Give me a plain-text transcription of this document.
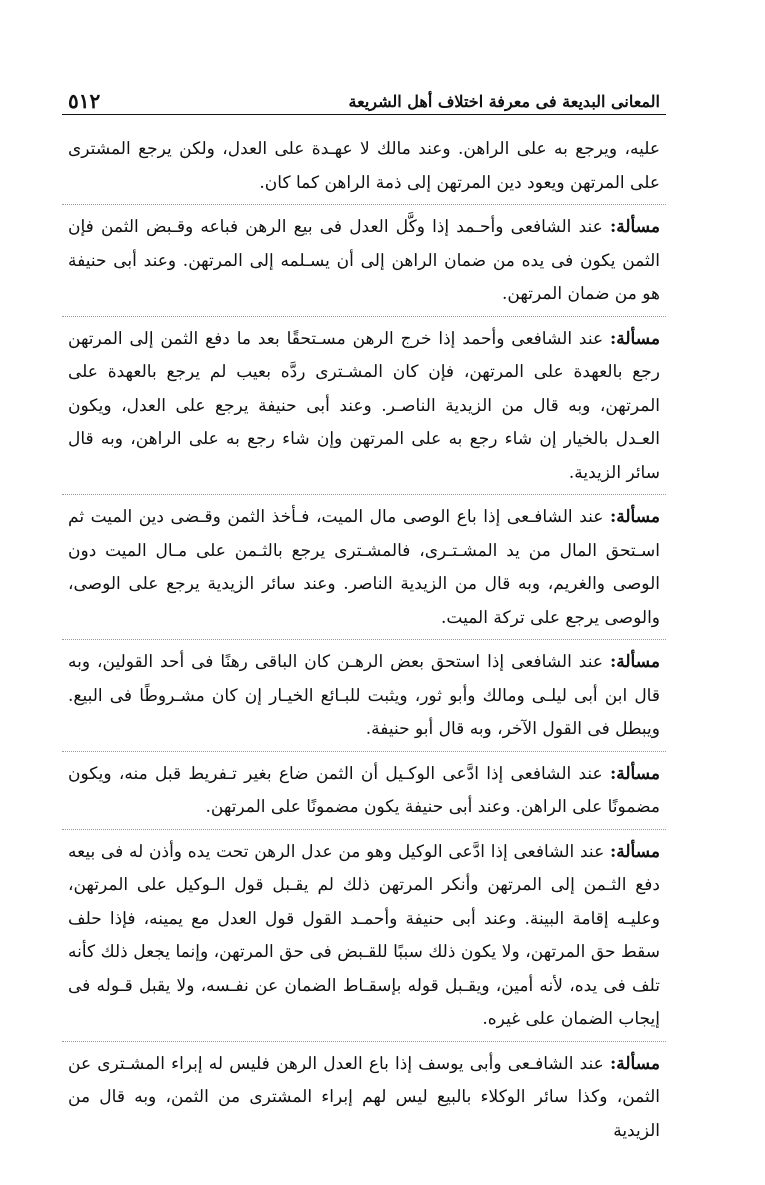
المعانى البديعة فى معرفة اختلاف أهل الشريعة
٥١٢

عليه، ويرجع به على الراهن. وعند مالك لا عهـدة على العدل، ولكن يرجع المشترى على المرتهن ويعود دين المرتهن إلى ذمة الراهن كما كان.

مسألة: عند الشافعى وأحـمد إذا وكَّل العدل فى بيع الرهن فباعه وقـبض الثمن فإن الثمن يكون فى يده من ضمان الراهن إلى أن يسـلمه إلى المرتهن. وعند أبى حنيفة هو من ضمان المرتهن.

مسألة: عند الشافعى وأحمد إذا خرج الرهن مسـتحقًا بعد ما دفع الثمن إلى المرتهن رجع بالعهدة على المرتهن، فإن كان المشـترى ردَّه بعيب لم يرجع بالعهدة على المرتهن، وبه قال من الزيدية الناصـر. وعند أبى حنيفة يرجع على العدل، ويكون العـدل بالخيار إن شاء رجع به على المرتهن وإن شاء رجع به على الراهن، وبه قال سائر الزيدية.

مسألة: عند الشافـعى إذا باع الوصى مال الميت، فـأخذ الثمن وقـضى دين الميت ثم اسـتحق المال من يد المشـتـرى، فالمشـترى يرجع بالثـمن على مـال الميت دون الوصى والغريم، وبه قال من الزيدية الناصر. وعند سائر الزيدية يرجع على الوصى، والوصى يرجع على تركة الميت.

مسألة: عند الشافعى إذا استحق بعض الرهـن كان الباقى رهنًا فى أحد القولين، وبه قال ابن أبى ليلـى ومالك وأبو ثور، ويثبت للبـائع الخيـار إن كان مشـروطًا فى البيع. ويبطل فى القول الآخر، وبه قال أبو حنيفة.

مسألة: عند الشافعى إذا ادَّعى الوكـيل أن الثمن ضاع بغير تـفريط قبل منه، ويكون مضمونًا على الراهن. وعند أبى حنيفة يكون مضمونًا على المرتهن.

مسألة: عند الشافعى إذا ادَّعى الوكيل وهو من عدل الرهن تحت يده وأذن له فى بيعه دفع الثـمن إلى المرتهن وأنكر المرتهن ذلك لم يقـبل قول الـوكيل على المرتهن، وعليـه إقامة البينة. وعند أبى حنيفة وأحمـد القول قول العدل مع يمينه، فإذا حلف سقط حق المرتهن، ولا يكون ذلك سببًا للقـبض فى حق المرتهن، وإنما يجعل ذلك كأنه تلف فى يده، لأنه أمين، ويقـبل قوله بإسقـاط الضمان عن نفـسه، ولا يقبل قـوله فى إيجاب الضمان على غيره.

مسألة: عند الشافـعى وأبى يوسف إذا باع العدل الرهن فليس له إبراء المشـترى عن الثمن، وكذا سائر الوكلاء بالبيع ليس لهم إبراء المشترى من الثمن، وبه قال من الزيدية
